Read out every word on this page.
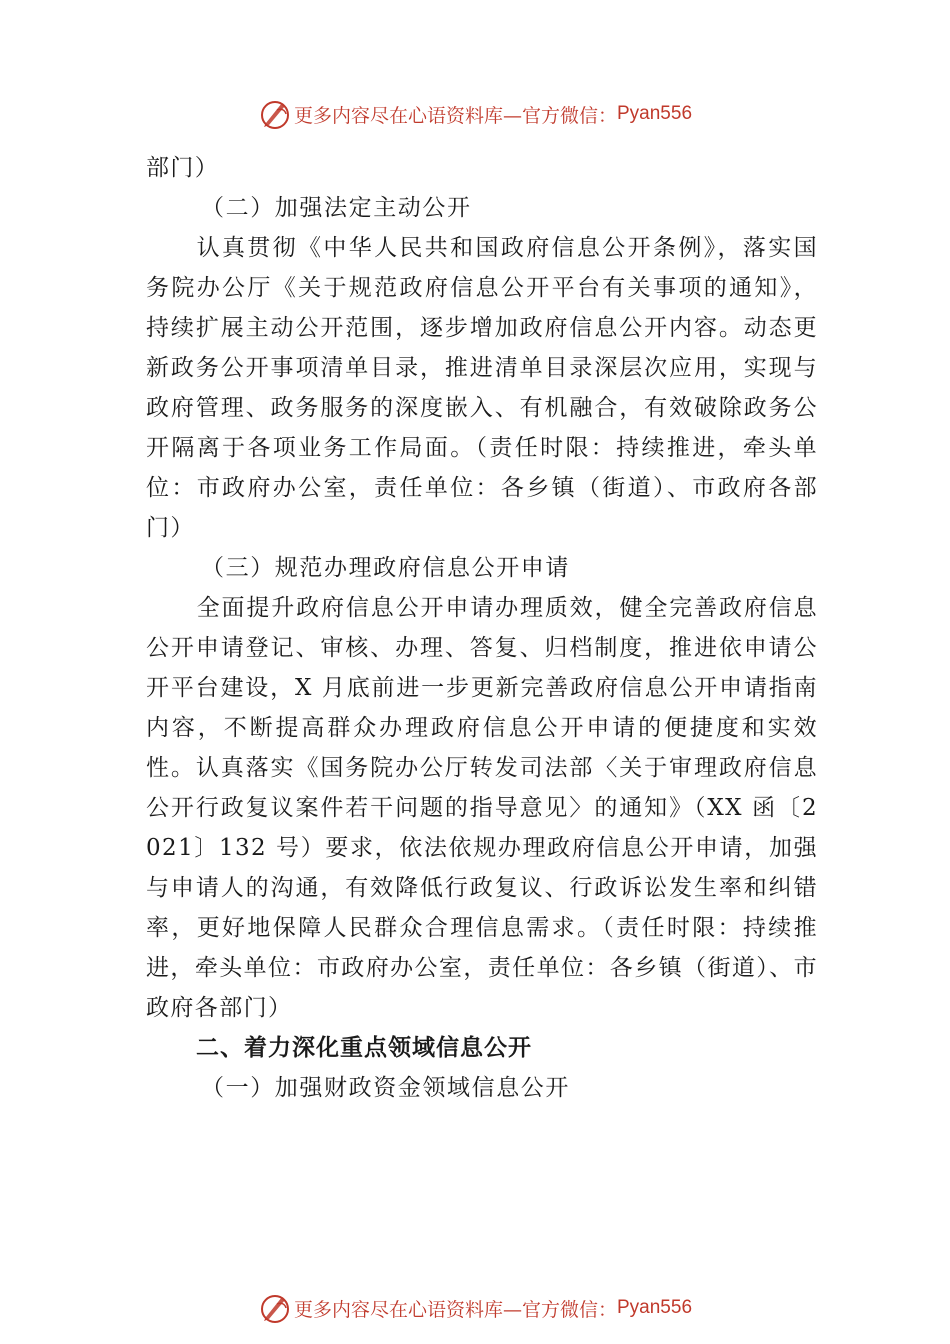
更多内容尽在心语资料库—官方微信： Pyan556

部门）

（二）加强法定主动公开

认真贯彻《中华人民共和国政府信息公开条例》，落实国务院办公厅《关于规范政府信息公开平台有关事项的通知》， 持续扩展主动公开范围，逐步增加政府信息公开内容。动态更新政务公开事项清单目录，推进清单目录深层次应用，实现与政府管理、政务服务的深度嵌入、有机融合，有效破除政务公开隔离于各项业务工作局面。（责任时限：持续推进，牵头单位：市政府办公室，责任单位：各乡镇（街道）、市政府各部门）

（三）规范办理政府信息公开申请

全面提升政府信息公开申请办理质效，健全完善政府信息公开申请登记、审核、办理、答复、归档制度，推进依申请公开平台建设，X 月底前进一步更新完善政府信息公开申请指南内容，不断提高群众办理政府信息公开申请的便捷度和实效性。认真落实《国务院办公厅转发司法部〈关于审理政府信息公开行政复议案件若干问题的指导意见〉的通知》（XX 函〔2021〕132 号）要求，依法依规办理政府信息公开申请，加强与申请人的沟通，有效降低行政复议、行政诉讼发生率和纠错率，更好地保障人民群众合理信息需求。（责任时限：持续推进，牵头单位：市政府办公室，责任单位：各乡镇（街道）、市政府各部门）

二、着力深化重点领域信息公开

（一）加强财政资金领域信息公开

更多内容尽在心语资料库—官方微信： Pyan556
